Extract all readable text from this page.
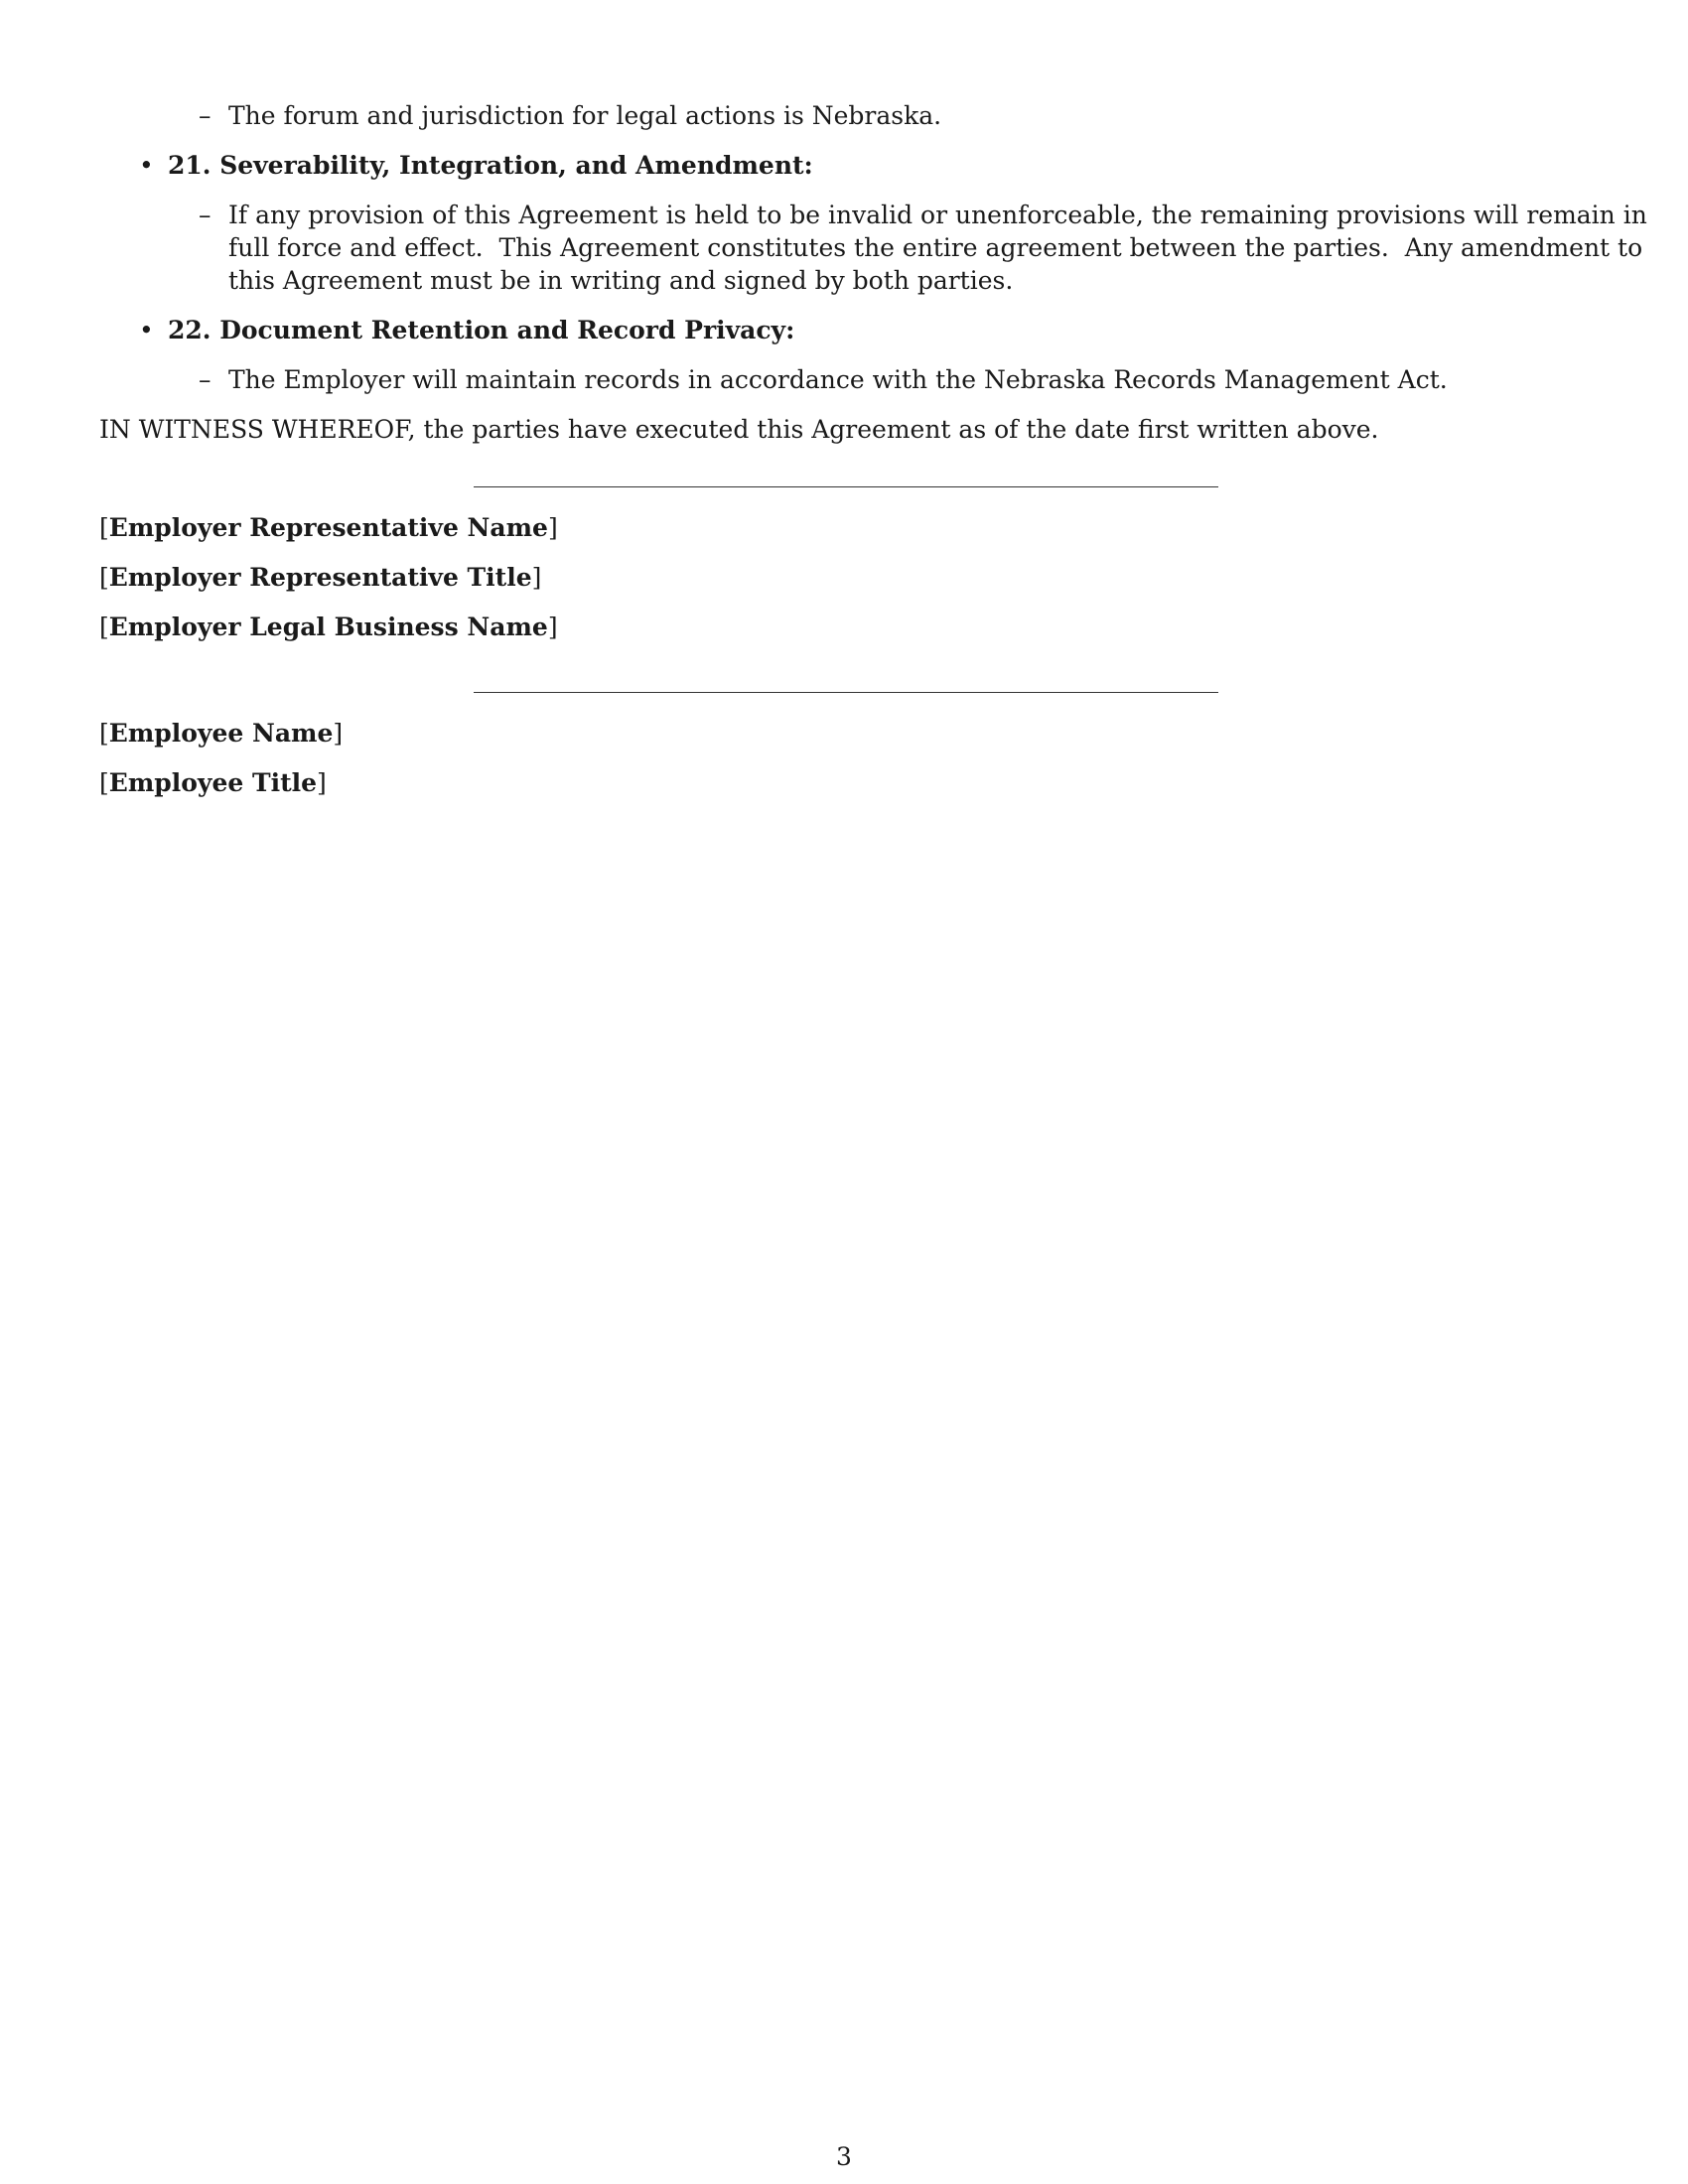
– The forum and jurisdiction for legal actions is Nebraska.

• 21. Severability, Integration, and Amendment:

– If any provision of this Agreement is held to be invalid or unenforceable, the remaining provisions will remain in
full force and effect.  This Agreement constitutes the entire agreement between the parties.  Any amendment to
this Agreement must be in writing and signed by both parties.

• 22. Document Retention and Record Privacy:

– The Employer will maintain records in accordance with the Nebraska Records Management Act.

IN WITNESS WHEREOF, the parties have executed this Agreement as of the date first written above.

[Employer Representative Name]

[Employer Representative Title]

[Employer Legal Business Name]

[Employee Name]

[Employee Title]

3
